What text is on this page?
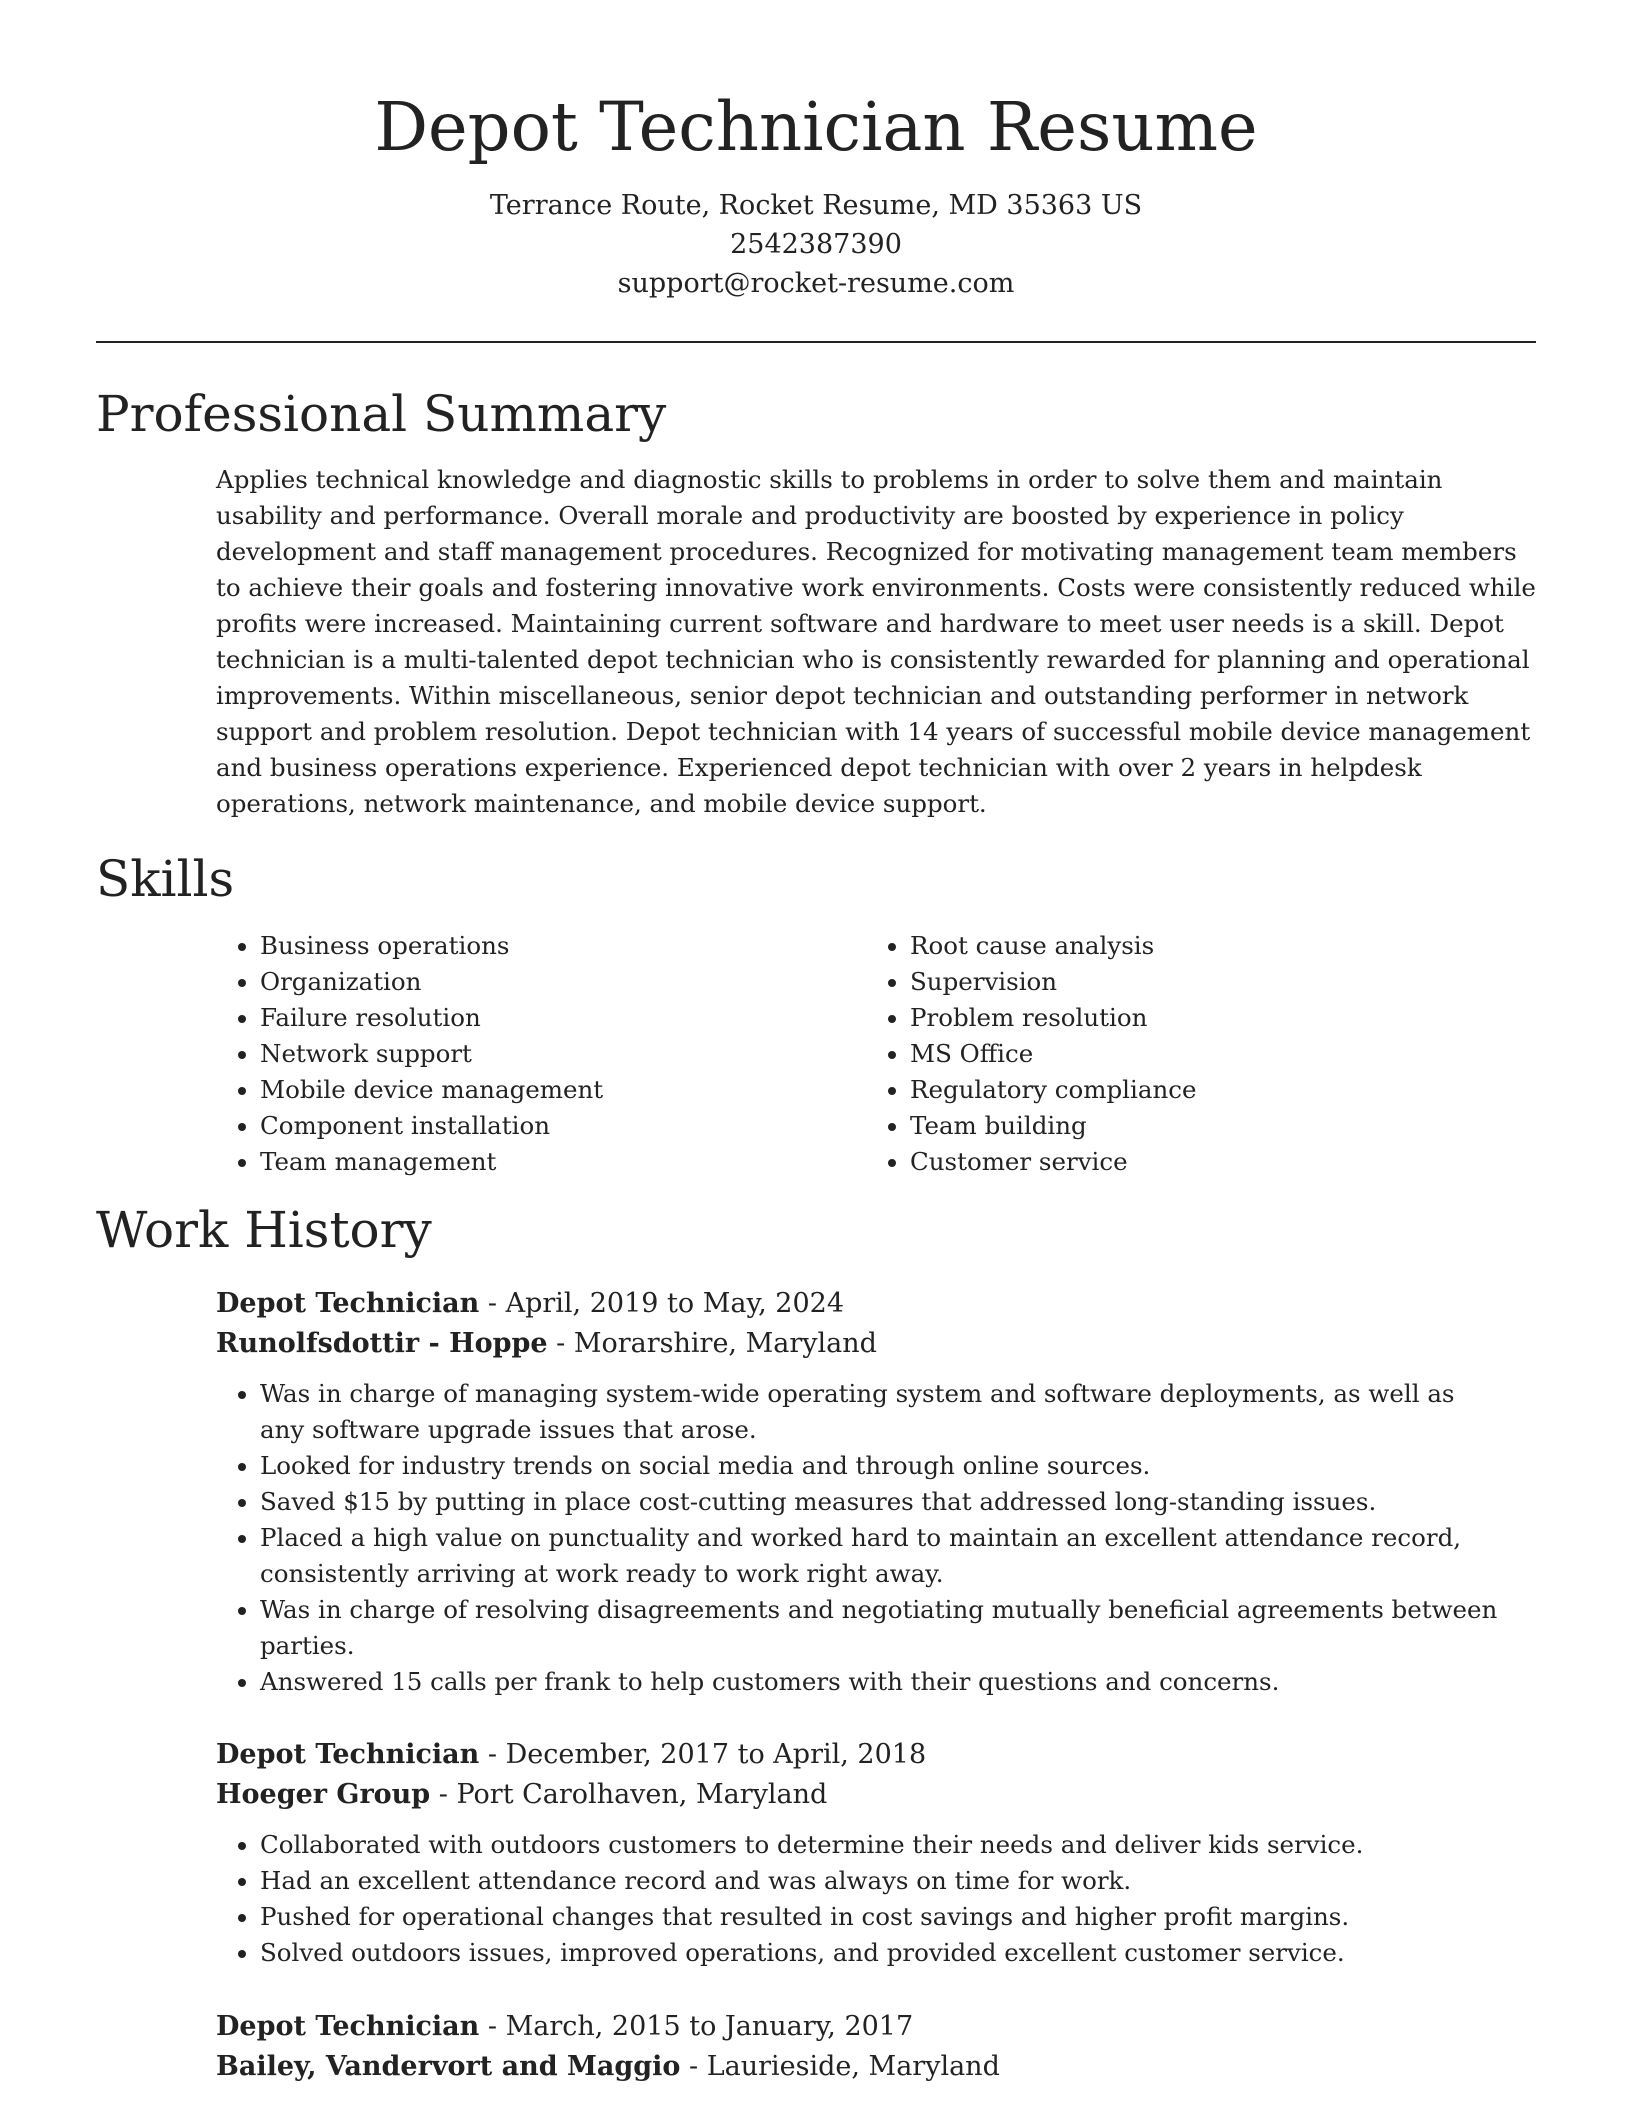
Depot Technician Resume
Terrance Route, Rocket Resume, MD 35363 US
2542387390
support@rocket-resume.com
Professional Summary

Applies technical knowledge and diagnostic skills to problems in order to solve them and maintain usability and performance. Overall morale and productivity are boosted by experience in policy development and staff management procedures. Recognized for motivating management team members to achieve their goals and fostering innovative work environments. Costs were consistently reduced while profits were increased. Maintaining current software and hardware to meet user needs is a skill. Depot technician is a multi-talented depot technician who is consistently rewarded for planning and operational improvements. Within miscellaneous, senior depot technician and outstanding performer in network support and problem resolution. Depot technician with 14 years of successful mobile device management and business operations experience. Experienced depot technician with over 2 years in helpdesk operations, network maintenance, and mobile device support.

Skills
• Business operations
• Organization
• Failure resolution
• Network support
• Mobile device management
• Component installation
• Team management
• Root cause analysis
• Supervision
• Problem resolution
• MS Office
• Regulatory compliance
• Team building
• Customer service
Work History

Depot Technician - April, 2019 to May, 2024

Runolfsdottir - Hoppe - Morarshire, Maryland

• Was in charge of managing system-wide operating system and software deployments, as well as any software upgrade issues that arose.
• Looked for industry trends on social media and through online sources.
• Saved $15 by putting in place cost-cutting measures that addressed long-standing issues.
• Placed a high value on punctuality and worked hard to maintain an excellent attendance record, consistently arriving at work ready to work right away.
• Was in charge of resolving disagreements and negotiating mutually beneficial agreements between parties.
• Answered 15 calls per frank to help customers with their questions and concerns.

Depot Technician - December, 2017 to April, 2018

Hoeger Group - Port Carolhaven, Maryland

• Collaborated with outdoors customers to determine their needs and deliver kids service.
• Had an excellent attendance record and was always on time for work.
• Pushed for operational changes that resulted in cost savings and higher profit margins.
• Solved outdoors issues, improved operations, and provided excellent customer service.

Depot Technician - March, 2015 to January, 2017

Bailey, Vandervort and Maggio - Laurieside, Maryland
